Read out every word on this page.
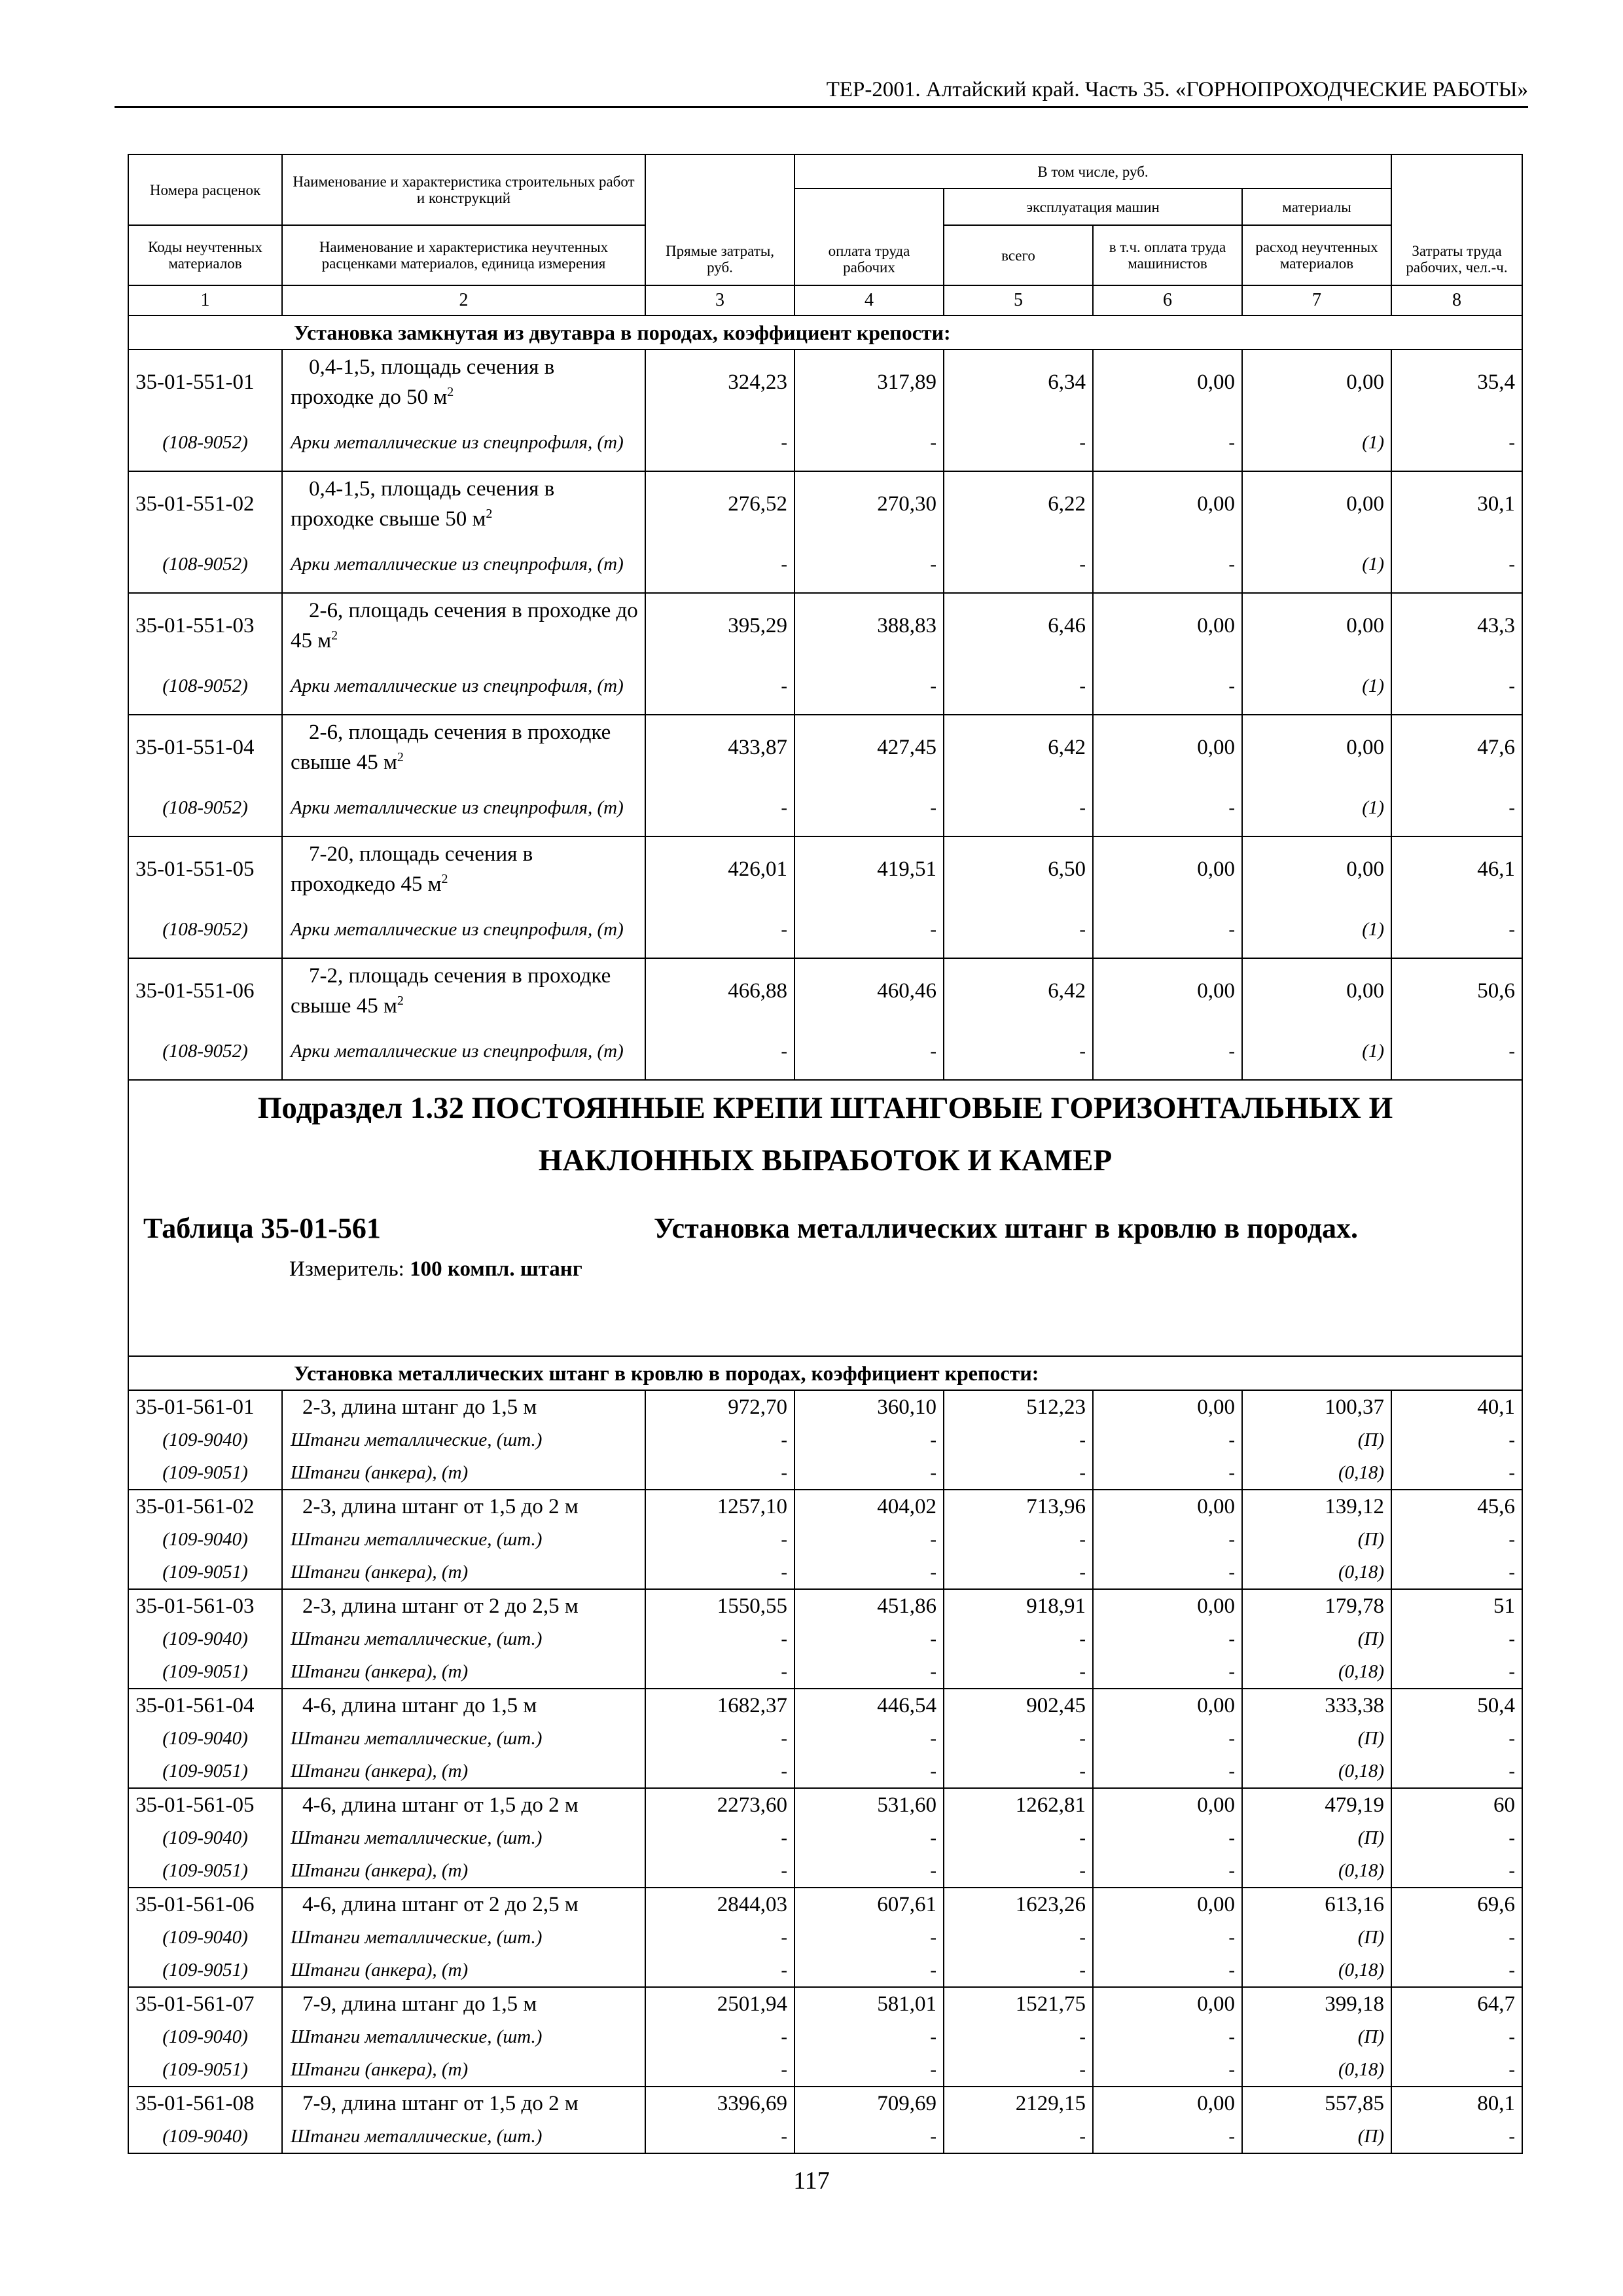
ТЕР-2001. Алтайский край. Часть 35. «ГОРНОПРОХОДЧЕСКИЕ РАБОТЫ»
Номера расценок	Наименование и характеристика строительных работ и конструкций	Прямые затраты, руб.	В том числе, руб.				Затраты труда рабочих, чел.-ч.
			оплата труда рабочих	эксплуатация машин		материалы	
Коды неучтенных материалов	Наименование и характеристика неучтенных расценками материалов, единица измерения			всего	в т.ч. оплата труда машинистов	расход неучтенных материалов	
1	2	3	4	5	6	7	8
	Установка замкнутая из двутавра в породах, коэффициент крепости:						
35-01-551-01	0,4-1,5, площадь сечения в проходке до 50 $м^2$	324,23	317,89	6,34	0,00	0,00	35,4
(108-9052)	Арки металлические из спецпрофиля, (т)	-	-	-	-	(1)	-
35-01-551-02	0,4-1,5, площадь сечения в проходке свыше 50 $м^2$	276,52	270,30	6,22	0,00	0,00	30,1
(108-9052)	Арки металлические из спецпрофиля, (т)	-	-	-	-	(1)	-
35-01-551-03	2-6, площадь сечения в проходке до 45 $м^2$	395,29	388,83	6,46	0,00	0,00	43,3
(108-9052)	Арки металлические из спецпрофиля, (т)	-	-	-	-	(1)	-
35-01-551-04	2-6, площадь сечения в проходке свыше 45 $м^2$	433,87	427,45	6,42	0,00	0,00	47,6
(108-9052)	Арки металлические из спецпрофиля, (т)	-	-	-	-	(1)	-
35-01-551-05	7-20, площадь сечения в проходкедо 45 $м^2$	426,01	419,51	6,50	0,00	0,00	46,1
(108-9052)	Арки металлические из спецпрофиля, (т)	-	-	-	-	(1)	-
35-01-551-06	7-2, площадь сечения в проходке свыше 45 $м^2$	466,88	460,46	6,42	0,00	0,00	50,6
(108-9052)	Арки металлические из спецпрофиля, (т)	-	-	-	-	(1)	-

Подраздел 1.32 ПОСТОЯННЫЕ КРЕПИ ШТАНГОВЫЕ ГОРИЗОНТАЛЬНЫХ И
НАКЛОННЫХ ВЫРАБОТОК И КАМЕР
Таблица 35-01-561 Установка металлических штанг в кровлю в породах.
Измеритель: 100 компл. штанг							

	Установка металлических штанг в кровлю в породах, коэффициент крепости:						
35-01-561-01	2-3, длина штанг до 1,5 м	972,70	360,10	512,23	0,00	100,37	40,1
(109-9040)	Штанги металлические, (шт.)	-	-	-	-	(П)	-
(109-9051)	Штанги (анкера), (т)	-	-	-	-	(0,18)	-
35-01-561-02	2-3, длина штанг от 1,5 до 2 м	1257,10	404,02	713,96	0,00	139,12	45,6
(109-9040)	Штанги металлические, (шт.)	-	-	-	-	(П)	-
(109-9051)	Штанги (анкера), (т)	-	-	-	-	(0,18)	-
35-01-561-03	2-3, длина штанг от 2 до 2,5 м	1550,55	451,86	918,91	0,00	179,78	51
(109-9040)	Штанги металлические, (шт.)	-	-	-	-	(П)	-
(109-9051)	Штанги (анкера), (т)	-	-	-	-	(0,18)	-
35-01-561-04	4-6, длина штанг до 1,5 м	1682,37	446,54	902,45	0,00	333,38	50,4
(109-9040)	Штанги металлические, (шт.)	-	-	-	-	(П)	-
(109-9051)	Штанги (анкера), (т)	-	-	-	-	(0,18)	-
35-01-561-05	4-6, длина штанг от 1,5 до 2 м	2273,60	531,60	1262,81	0,00	479,19	60
(109-9040)	Штанги металлические, (шт.)	-	-	-	-	(П)	-
(109-9051)	Штанги (анкера), (т)	-	-	-	-	(0,18)	-
35-01-561-06	4-6, длина штанг от 2 до 2,5 м	2844,03	607,61	1623,26	0,00	613,16	69,6
(109-9040)	Штанги металлические, (шт.)	-	-	-	-	(П)	-
(109-9051)	Штанги (анкера), (т)	-	-	-	-	(0,18)	-
35-01-561-07	7-9, длина штанг до 1,5 м	2501,94	581,01	1521,75	0,00	399,18	64,7
(109-9040)	Штанги металлические, (шт.)	-	-	-	-	(П)	-
(109-9051)	Штанги (анкера), (т)	-	-	-	-	(0,18)	-
35-01-561-08	7-9, длина штанг от 1,5 до 2 м	3396,69	709,69	2129,15	0,00	557,85	80,1
(109-9040)	Штанги металлические, (шт.)	-	-	-	-	(П)	-
117
